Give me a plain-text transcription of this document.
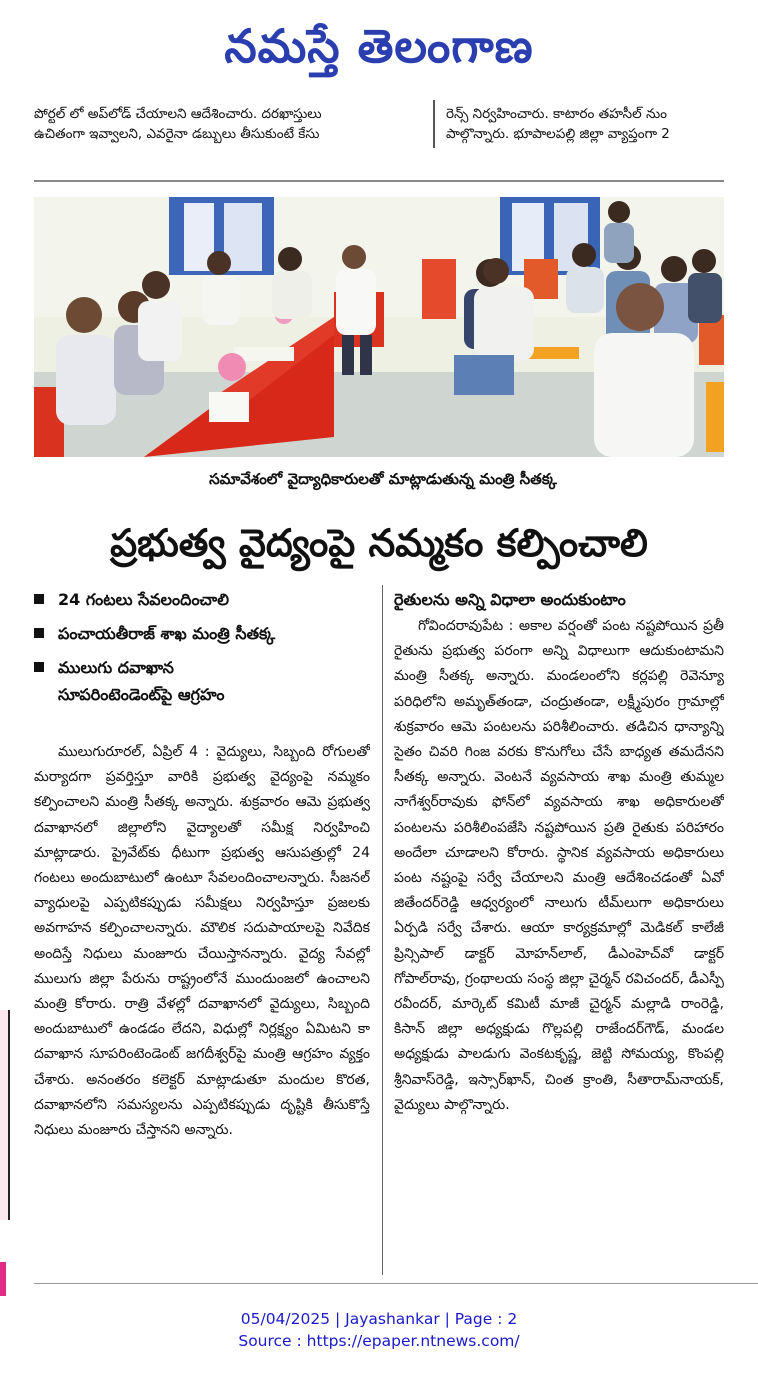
నమస్తే తెలంగాణ
పోర్టల్ లో అప్‌లోడ్ చేయాలని ఆదేశించారు. దరఖాస్తులు
ఉచితంగా ఇవ్వాలని, ఎవరైనా డబ్బులు తీసుకుంటే కేసు
రెన్స్ నిర్వహించారు. కాటారం తహసీల్ నుం
పాల్గొన్నారు. భూపాలపల్లి జిల్లా వ్యాప్తంగా 2
సమావేశంలో వైద్యాధికారులతో మాట్లాడుతున్న మంత్రి సీతక్క
ప్రభుత్వ వైద్యంపై నమ్మకం కల్పించాలి
24 గంటలు సేవలందించాలి
పంచాయతీరాజ్ శాఖ మంత్రి సీతక్క
ములుగు దవాఖాన
సూపరింటెండెంట్‌పై ఆగ్రహం

ములుగురూరల్, ఏప్రిల్ 4 : వైద్యులు, సిబ్బంది రోగులతో మర్యాదగా ప్రవర్తిస్తూ వారికి ప్రభుత్వ వైద్యంపై నమ్మకం కల్పించాలని మంత్రి సీతక్క అన్నారు. శుక్రవారం ఆమె ప్రభుత్వ దవాఖానలో జిల్లాలోని వైద్యాలతో సమీక్ష నిర్వహించి మాట్లాడారు. ప్రైవేట్‌కు ధీటుగా ప్రభుత్వ ఆసుపత్రుల్లో 24 గంటలు అందుబాటులో ఉంటూ సేవలందించాలన్నారు. సీజనల్ వ్యాధులపై ఎప్పటికప్పుడు సమీక్షలు నిర్వహిస్తూ ప్రజలకు అవగాహన కల్పించాలన్నారు. మౌలిక సదుపాయాలపై నివేదిక అందిస్తే నిధులు మంజూరు చేయిస్తానన్నారు. వైద్య సేవల్లో ములుగు జిల్లా పేరును రాష్ట్రంలోనే ముందుంజలో ఉంచాలని మంత్రి కోరారు. రాత్రి వేళల్లో దవాఖానలో వైద్యులు, సిబ్బంది అందుబాటులో ఉండడం లేదని, విధుల్లో నిర్లక్ష్యం ఏమిటని కా దవాఖాన సూపరింటెండెంట్ జగదీశ్వర్‌పై మంత్రి ఆగ్రహం వ్యక్తం చేశారు. అనంతరం కలెక్టర్ మాట్లాడుతూ మందుల కొరత, దవాఖానలోని సమస్యలను ఎప్పటికప్పుడు దృష్టికి తీసుకొస్తే నిధులు మంజూరు చేస్తానని అన్నారు.

రైతులను అన్ని విధాలా అందుకుంటాం

గోవిందరావుపేట : అకాల వర్షంతో పంట నష్టపోయిన ప్రతీ రైతును ప్రభుత్వ పరంగా అన్ని విధాలుగా ఆదుకుంటామని మంత్రి సీతక్క అన్నారు. మండలంలోని కర్లపల్లి రెవెన్యూ పరిధిలోని అమృత్‌తండా, చంద్రుతండా, లక్ష్మీపురం గ్రామాల్లో శుక్రవారం ఆమె పంటలను పరిశీలించారు. తడిచిన ధాన్యాన్ని సైతం చివరి గింజ వరకు కొనుగోలు చేసే బాధ్యత తమదేనని సీతక్క అన్నారు. వెంటనే వ్యవసాయ శాఖ మంత్రి తుమ్మల నాగేశ్వర్‌రావుకు ఫోన్‌లో వ్యవసాయ శాఖ అధికారులతో పంటలను పరిశీలింపజేసి నష్టపోయిన ప్రతి రైతుకు పరిహారం అందేలా చూడాలని కోరారు. స్థానిక వ్యవసాయ అధికారులు పంట నష్టంపై సర్వే చేయాలని మంత్రి ఆదేశించడంతో ఏవో జితేందర్‌రెడ్డి ఆధ్వర్యంలో నాలుగు టీమ్‌లుగా అధికారులు ఏర్పడి సర్వే చేశారు. ఆయా కార్యక్రమాల్లో మెడికల్ కాలేజీ ప్రిన్సిపాల్ డాక్టర్ మోహన్‌లాల్, డీఎంహెచ్‌వో డాక్టర్ గోపాల్‌రావు, గ్రంథాలయ సంస్థ జిల్లా చైర్మన్ రవిచందర్, డీఎస్పీ రవీందర్, మార్కెట్ కమిటీ మాజీ చైర్మన్ మల్లాడి రాంరెడ్డి, కిసాన్ జిల్లా అధ్యక్షుడు గొల్లపల్లి రాజేందర్‌గౌడ్, మండల అధ్యక్షుడు పాలడుగు వెంకటకృష్ణ, జెట్టి సోమయ్య, కొంపల్లి శ్రీనివాస్‌రెడ్డి, ఇస్సార్‌ఖాన్, చింత క్రాంతి, సీతారామ్‌నాయక్, వైద్యులు పాల్గొన్నారు.

05/04/2025 | Jayashankar | Page : 2
Source : https://epaper.ntnews.com/
